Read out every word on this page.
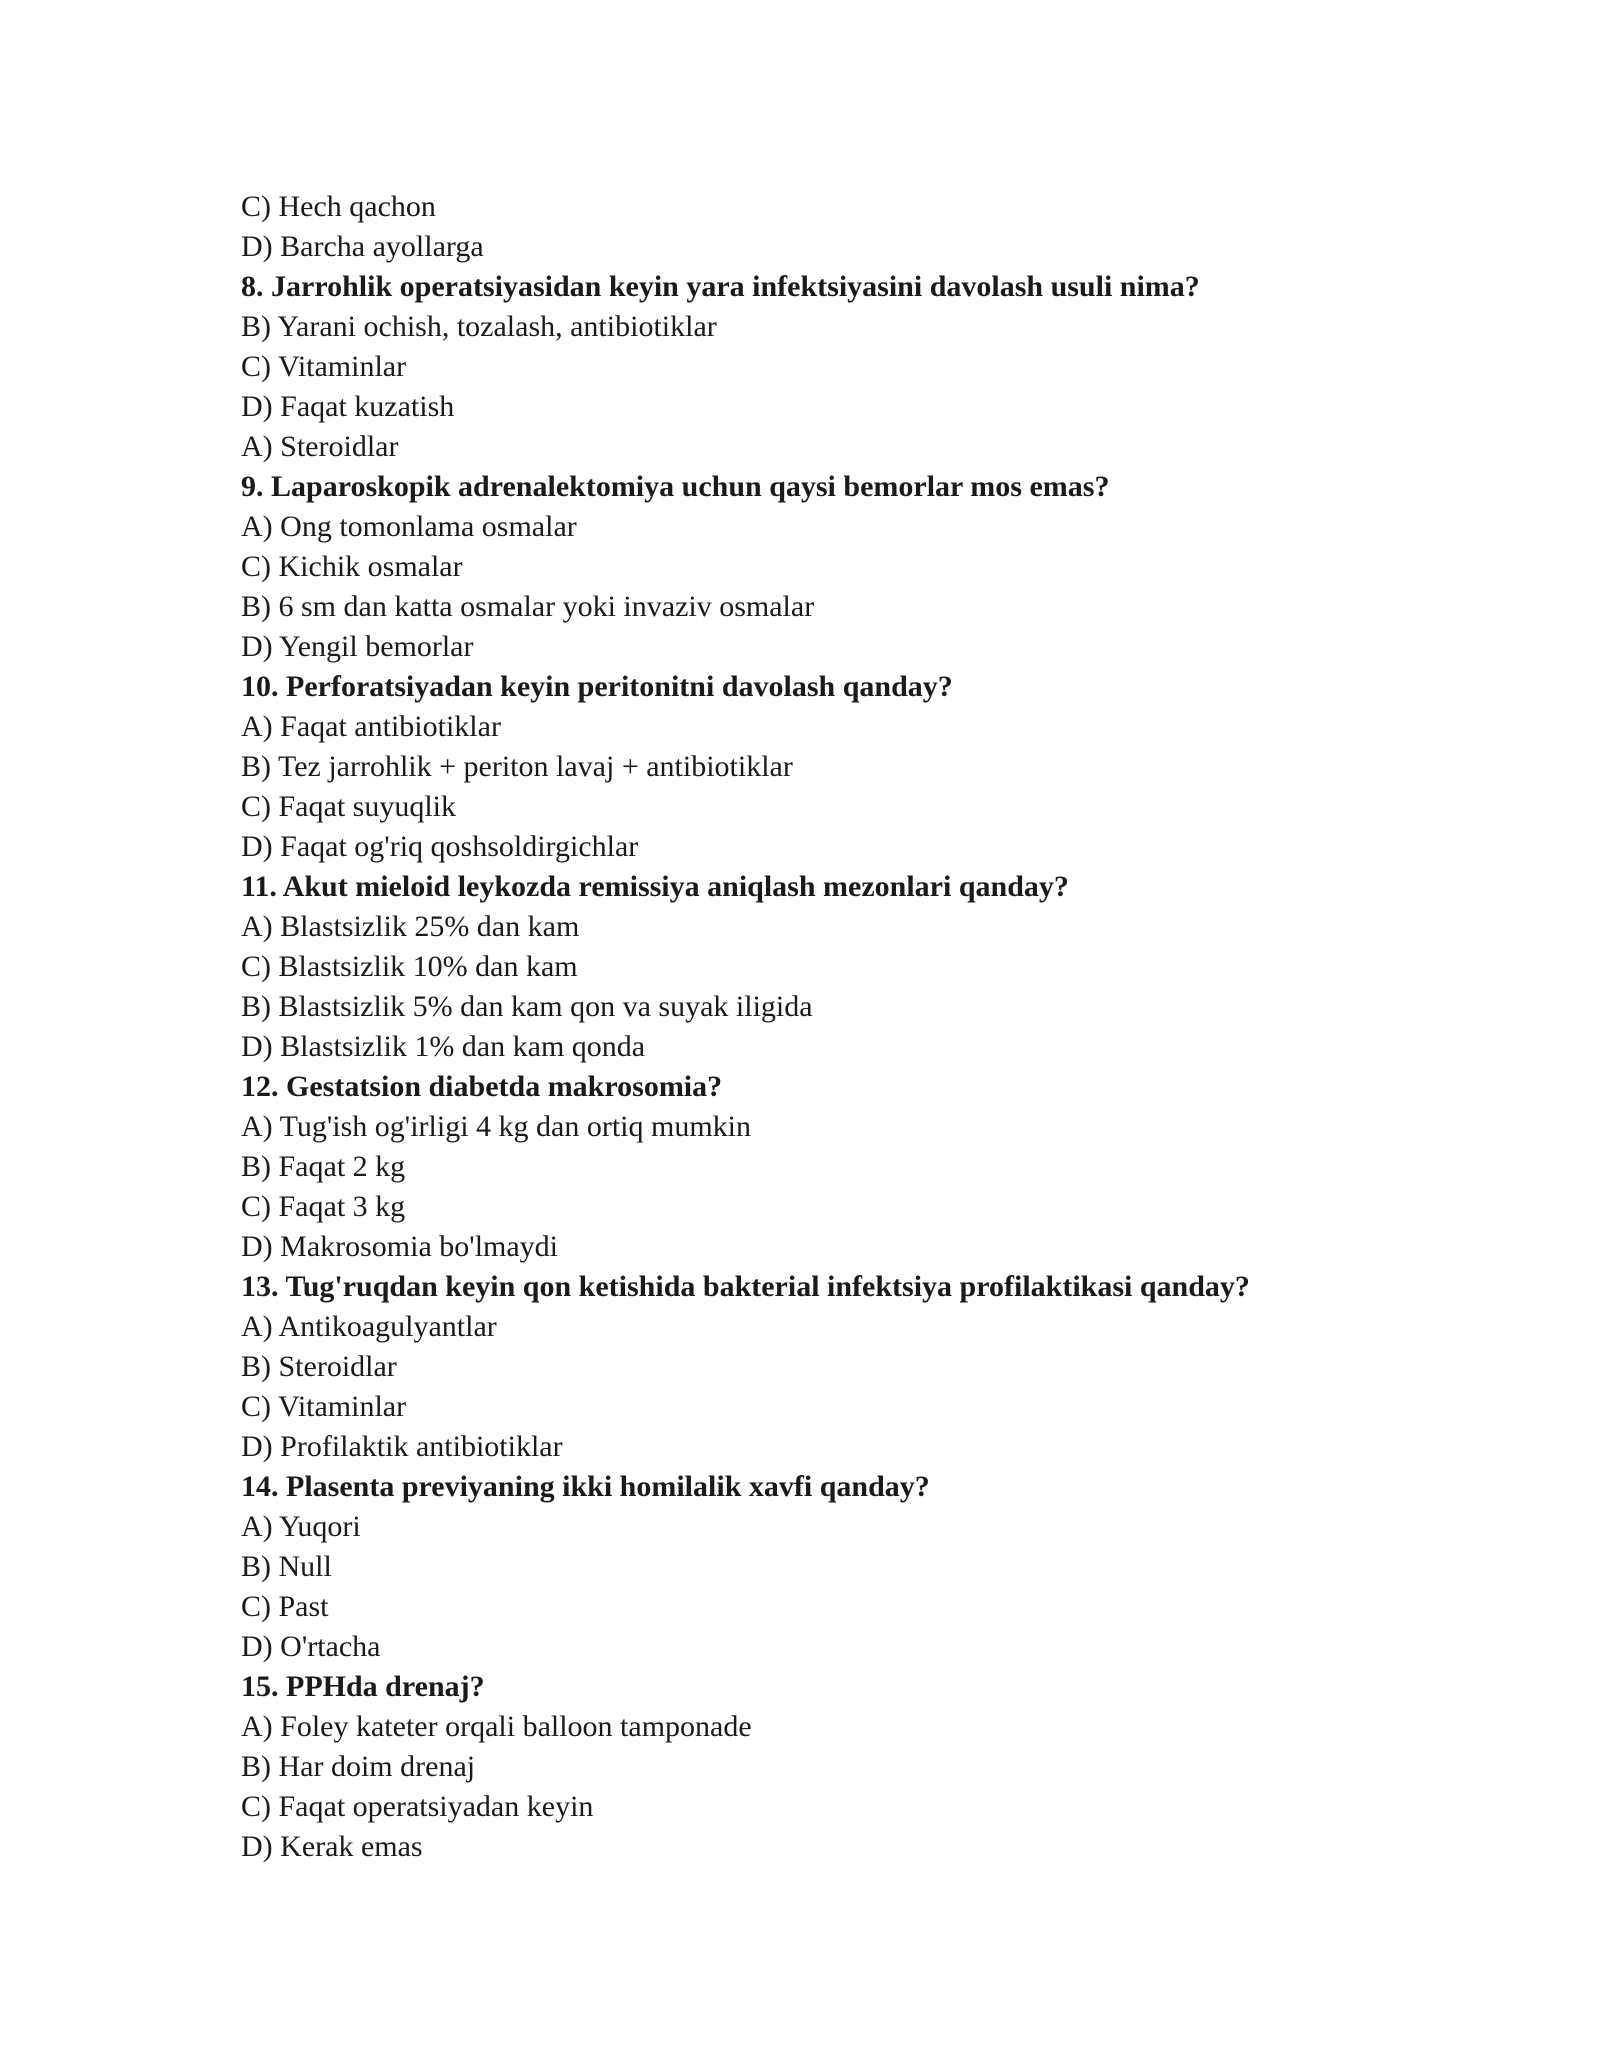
C) Hech qachon
D) Barcha ayollarga
8. Jarrohlik operatsiyasidan keyin yara infektsiyasini davolash usuli nima?
B) Yarani ochish, tozalash, antibiotiklar
C) Vitaminlar
D) Faqat kuzatish
A) Steroidlar
9. Laparoskopik adrenalektomiya uchun qaysi bemorlar mos emas?
A) Ong tomonlama osmalar
C) Kichik osmalar
B) 6 sm dan katta osmalar yoki invaziv osmalar
D) Yengil bemorlar
10. Perforatsiyadan keyin peritonitni davolash qanday?
A) Faqat antibiotiklar
B) Tez jarrohlik + periton lavaj + antibiotiklar
C) Faqat suyuqlik
D) Faqat og'riq qoshsoldirgichlar
11. Akut mieloid leykozda remissiya aniqlash mezonlari qanday?
A) Blastsizlik 25% dan kam
C) Blastsizlik 10% dan kam
B) Blastsizlik 5% dan kam qon va suyak iligida
D) Blastsizlik 1% dan kam qonda
12. Gestatsion diabetda makrosomia?
A) Tug'ish og'irligi 4 kg dan ortiq mumkin
B) Faqat 2 kg
C) Faqat 3 kg
D) Makrosomia bo'lmaydi
13. Tug'ruqdan keyin qon ketishida bakterial infektsiya profilaktikasi qanday?
A) Antikoagulyantlar
B) Steroidlar
C) Vitaminlar
D) Profilaktik antibiotiklar
14. Plasenta previyaning ikki homilalik xavfi qanday?
A) Yuqori
B) Null
C) Past
D) O'rtacha
15. PPHda drenaj?
A) Foley kateter orqali balloon tamponade
B) Har doim drenaj
C) Faqat operatsiyadan keyin
D) Kerak emas
